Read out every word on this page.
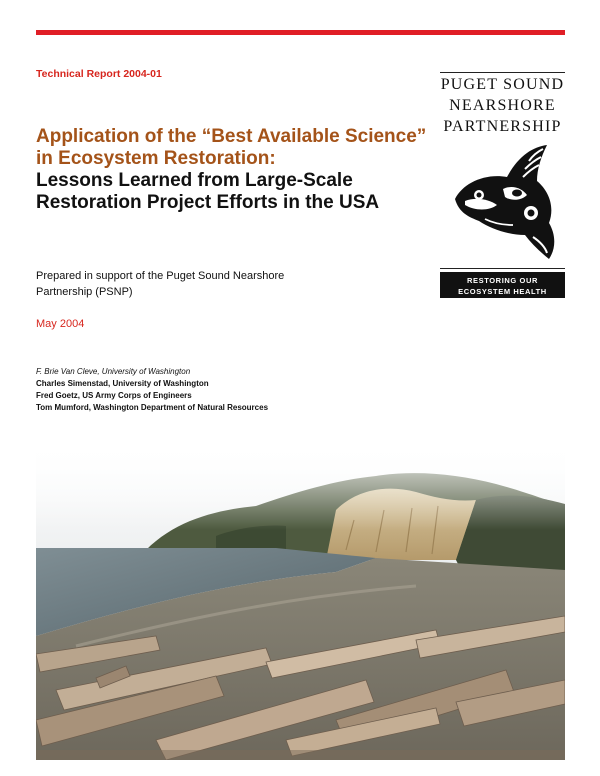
Technical Report 2004-01
Application of the “Best Available Science” in Ecosystem Restoration:
Lessons Learned from Large-Scale Restoration Project Efforts in the USA
Prepared in support of the Puget Sound Nearshore Partnership (PSNP)
May 2004
F. Brie Van Cleve, University of Washington
Charles Simenstad, University of Washington
Fred Goetz, US Army Corps of Engineers
Tom Mumford, Washington Department of Natural Resources
PUGET SOUND
NEARSHORE
PARTNERSHIP
RESTORING OUR
ECOSYSTEM HEALTH
